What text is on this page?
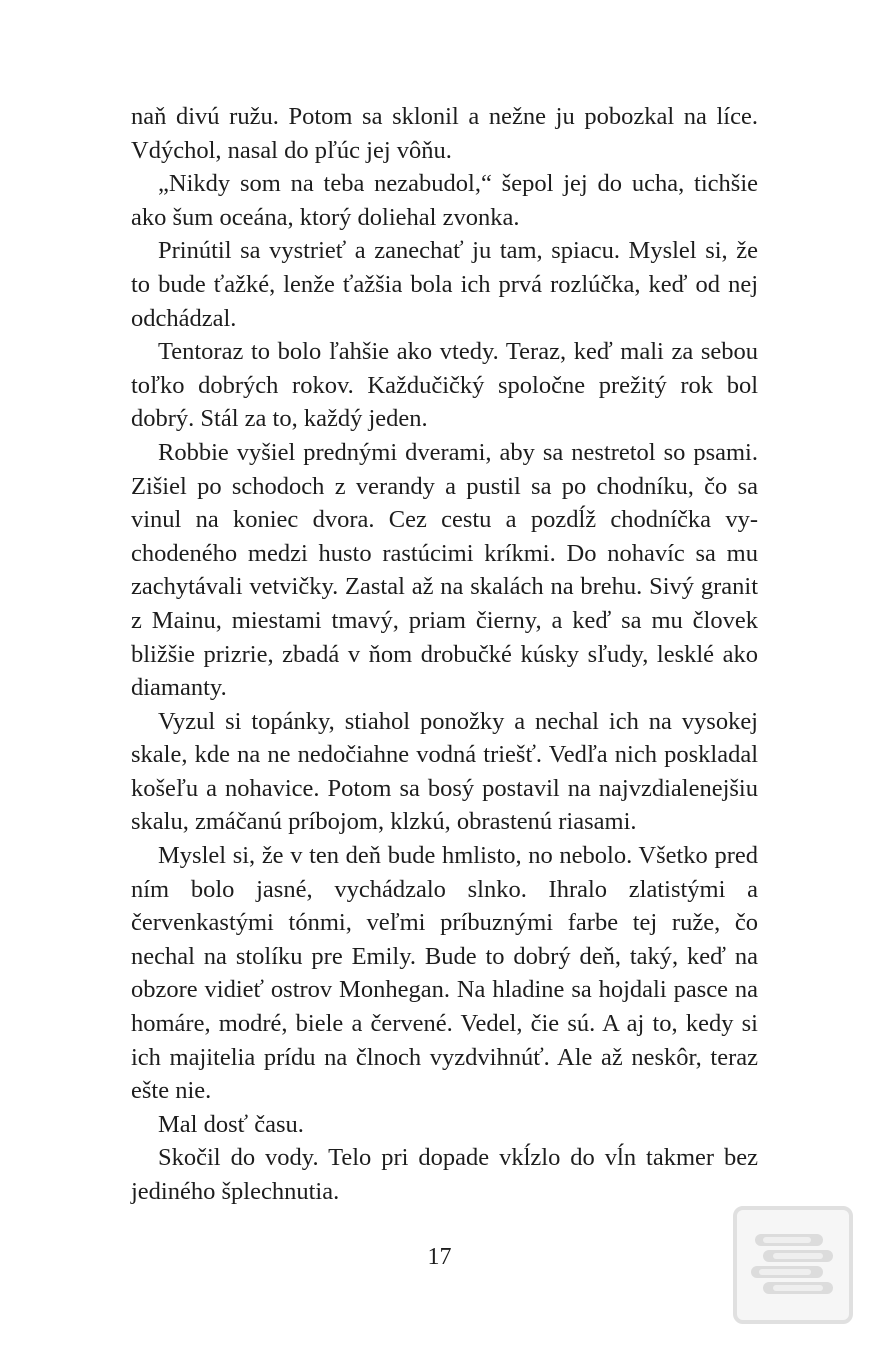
naň divú ružu. Potom sa sklonil a nežne ju pobozkal na líce. Vdýchol, nasal do pľúc jej vôňu.

„Nikdy som na teba nezabudol,“ šepol jej do ucha, tichšie ako šum oceána, ktorý doliehal zvonka.

Prinútil sa vystrieť a zanechať ju tam, spiacu. Myslel si, že to bude ťažké, lenže ťažšia bola ich prvá rozlúčka, keď od nej odchádzal.

Tentoraz to bolo ľahšie ako vtedy. Teraz, keď mali za sebou toľko dobrých rokov. Každučičký spoločne prežitý rok bol dobrý. Stál za to, každý jeden.

Robbie vyšiel prednými dverami, aby sa nestretol so psami. Zišiel po schodoch z verandy a pustil sa po chodníku, čo sa vinul na koniec dvora. Cez cestu a pozdĺž chodníčka vychodeného medzi husto rastúcimi kríkmi. Do nohavíc sa mu zachytávali vetvičky. Zastal až na skalách na brehu. Sivý granit z Mainu, miestami tmavý, priam čierny, a keď sa mu človek bližšie prizrie, zbadá v ňom drobučké kúsky sľudy, lesklé ako diamanty.

Vyzul si topánky, stiahol ponožky a nechal ich na vysokej skale, kde na ne nedočiahne vodná triešť. Vedľa nich poskladal košeľu a nohavice. Potom sa bosý postavil na najvzdialenejšiu skalu, zmáčanú príbojom, klzkú, obrastenú riasami.

Myslel si, že v ten deň bude hmlisto, no nebolo. Všetko pred ním bolo jasné, vychádzalo slnko. Ihralo zlatistými a červenkastými tónmi, veľmi príbuznými farbe tej ruže, čo nechal na stolíku pre Emily. Bude to dobrý deň, taký, keď na obzore vidieť ostrov Monhegan. Na hladine sa hojdali pasce na homáre, modré, biele a červené. Vedel, čie sú. A aj to, kedy si ich majitelia prídu na člnoch vyzdvihnúť. Ale až neskôr, teraz ešte nie.

Mal dosť času.

Skočil do vody. Telo pri dopade vkĺzlo do vĺn takmer bez jediného šplechnutia.

17
